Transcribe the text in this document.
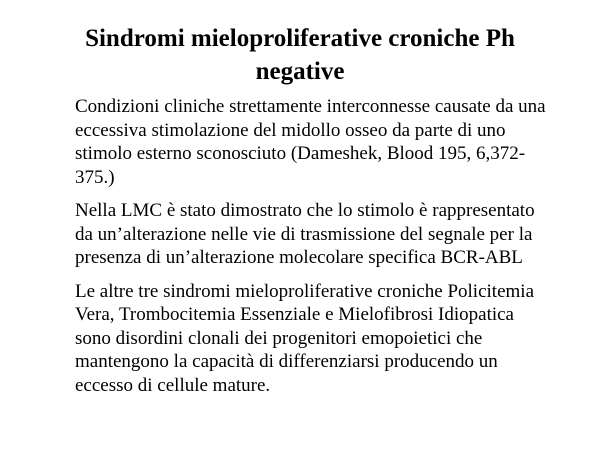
Sindromi mieloproliferative croniche Ph negative

Condizioni cliniche strettamente interconnesse causate da una eccessiva stimolazione del midollo osseo da parte di uno stimolo esterno sconosciuto (Dameshek, Blood 195, 6,372-375.)

Nella LMC è stato dimostrato che lo stimolo è rappresentato da un’alterazione nelle vie di trasmissione del segnale per la presenza di un’alterazione molecolare specifica BCR-ABL

Le altre tre sindromi mieloproliferative croniche Policitemia Vera, Trombocitemia Essenziale e Mielofibrosi Idiopatica sono disordini clonali dei progenitori emopoietici che mantengono la capacità di differenziarsi producendo un eccesso di cellule mature.
